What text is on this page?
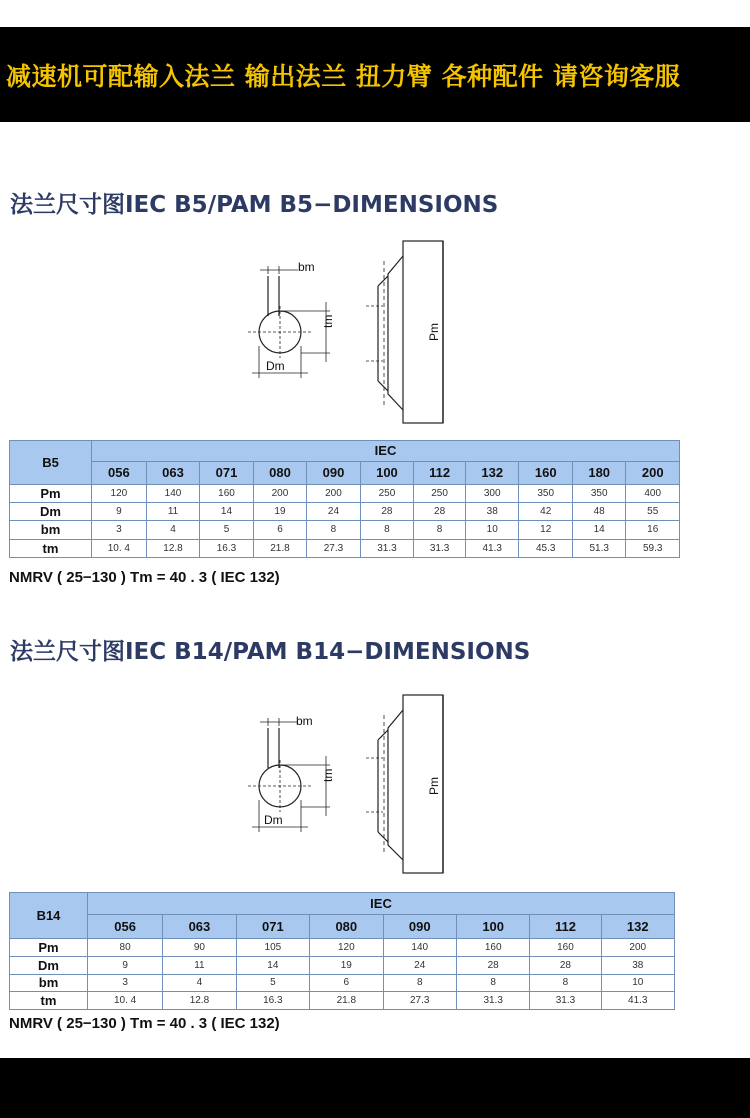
减速机可配输入法兰 输出法兰 扭力臂 各种配件 请咨询客服
法兰尺寸图IEC B5/PAM B5−DIMENSIONS
bm
tm
Dm
Pm
B5	IEC										
	056	063	071	080	090	100	112	132	160	180	200
Pm	120	140	160	200	200	250	250	300	350	350	400
Dm	9	11	14	19	24	28	28	38	42	48	55
bm	3	4	5	6	8	8	8	10	12	14	16
tm	10. 4	12.8	16.3	21.8	27.3	31.3	31.3	41.3	45.3	51.3	59.3
NMRV ( 25−130 ) Tm = 40 . 3 ( IEC 132)
法兰尺寸图IEC B14/PAM B14−DIMENSIONS
bm
tm
Dm
Pm
B14	IEC							
	056	063	071	080	090	100	112	132
Pm	80	90	105	120	140	160	160	200
Dm	9	11	14	19	24	28	28	38
bm	3	4	5	6	8	8	8	10
tm	10. 4	12.8	16.3	21.8	27.3	31.3	31.3	41.3
NMRV ( 25−130 ) Tm = 40 . 3 ( IEC 132)
